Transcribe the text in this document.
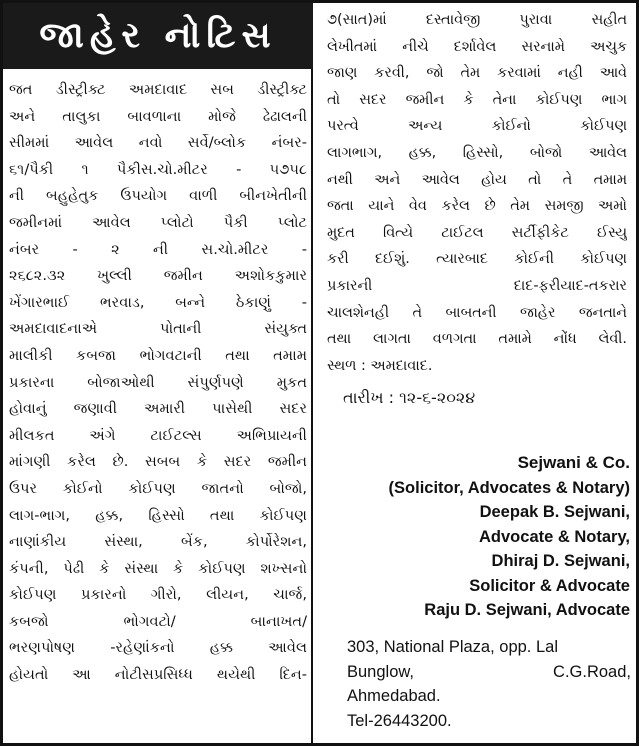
જાહેર નોટિસ
જત ડીસ્ટ્રીક્ટ અમદાવાદ સબ ડીસ્ટ્રીક્ટ
અને તાલુકા બાવળાના મોજે ઢેઢાલની
સીમમાં આવેલ નવો સર્વે/બ્લોક નંબર-
૬૧/પૈકી ૧ પૈકીસ.ચો.મીટર - ૫૭૫૮
ની બહુહેતુક ઉપયોગ વાળી બીનખેતીની
જમીનમાં આવેલ પ્લોટો પૈકી પ્લોટ
નંબર - ૨ ની સ.ચો.મીટર -
૨૬૮૨.૩૨ ખુલ્લી જમીન અશોકકુમાર
ખેંગારભાઈ ભરવાડ, બન્ને ઠેકાણું -
અમદાવાદનાએ પોતાની સંયુક્ત
માલીકી કબજા ભોગવટાની તથા તમામ
પ્રકારના બોજાઓથી સંપુર્ણપણે મુકત
હોવાનું જણાવી અમારી પાસેથી સદર
મીલકત અંગે ટાઈટલ્સ અભિપ્રાયની
માંગણી કરેલ છે. સબબ કે સદર જમીન
ઉપર કોઈનો કોઈપણ જાતનો બોજો,
લાગ-ભાગ, હક્ક, હિસ્સો તથા કોઈપણ
નાણાંકીય સંસ્થા, બેંક, કોર્પોરેશન,
કંપની, પેઢી કે સંસ્થા કે કોઈપણ શખ્સનો
કોઈપણ પ્રકારનો ગીરો, લીયન, ચાર્જ,
કબજો ભોગવટો/ બાનાખત/
ભરણપોષણ -રહેણાંકનો હક્ક આવેલ
હોયતો આ નોટીસપ્રસિધ્ધ થયેથી દિન-
૭(સાત)માં દસ્તાવેજી પુરાવા સહીત
લેખીતમાં નીચે દર્શાવેલ સરનામે અચુક
જાણ કરવી, જો તેમ કરવામાં નહી આવે
તો સદર જમીન કે તેના કોઈપણ ભાગ
પરત્વે અન્ય કોઈનો કોઈપણ
લાગભાગ, હક્ક, હિસ્સો, બોજો આવેલ
નથી અને આવેલ હોય તો તે તમામ
જતા યાને વેવ કરેલ છે તેમ સમજી અમો
મુદત વિત્યે ટાઈટલ સર્ટીફીકેટ ઈસ્યુ
કરી દઈશું. ત્યારબાદ કોઈની કોઈપણ
પ્રકારની દાદ-ફરીયાદ-તકરાર
ચાલશેનહી તે બાબતની જાહેર જનતાને
તથા લાગતા વળગતા તમામે નોંધ લેવી.
સ્થળ : અમદાવાદ.
તારીખ : ૧૨-૬-૨૦૨૪
Sejwani & Co.
(Solicitor, Advocates & Notary)
Deepak B. Sejwani,
Advocate & Notary,
Dhiraj D. Sejwani,
Solicitor & Advocate
Raju D. Sejwani, Advocate
303, National Plaza, opp. Lal
Bunglow, C.G.Road,
Ahmedabad.
Tel-26443200.
